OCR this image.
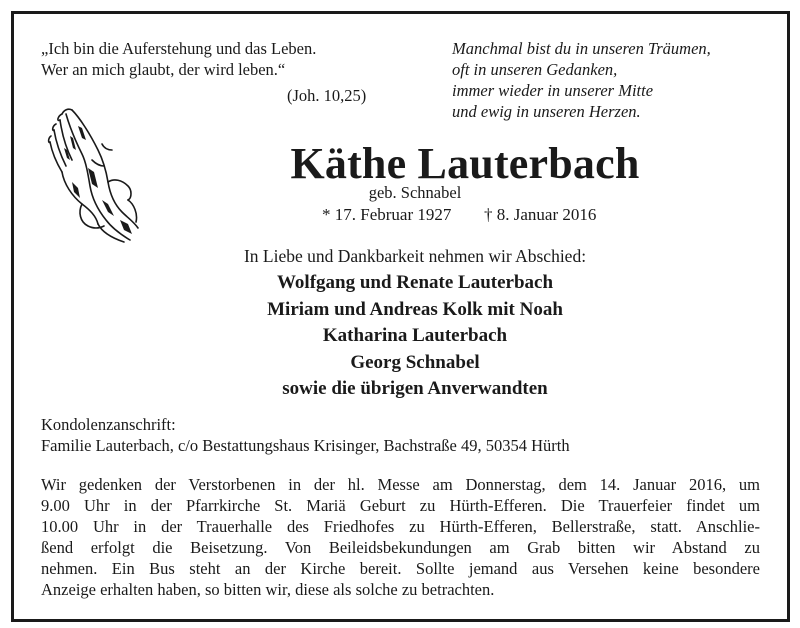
„Ich bin die Auferstehung und das Leben.
Wer an mich glaubt, der wird leben.“
(Joh. 10,25)
Manchmal bist du in unseren Träumen,
oft in unseren Gedanken,
immer wieder in unserer Mitte
und ewig in unseren Herzen.
Käthe Lauterbach
geb. Schnabel
* 17. Februar 1927 † 8. Januar 2016
In Liebe und Dankbarkeit nehmen wir Abschied:
Wolfgang und Renate Lauterbach
Miriam und Andreas Kolk mit Noah
Katharina Lauterbach
Georg Schnabel
sowie die übrigen Anverwandten
Kondolenzanschrift:
Familie Lauterbach, c/o Bestattungshaus Krisinger, Bachstraße 49, 50354 Hürth
Wir gedenken der Verstorbenen in der hl. Messe am Donnerstag, dem 14. Januar 2016, um
9.00 Uhr in der Pfarrkirche St. Mariä Geburt zu Hürth-Efferen. Die Trauerfeier findet um
10.00 Uhr in der Trauerhalle des Friedhofes zu Hürth-Efferen, Bellerstraße, statt. Anschlie-
ßend erfolgt die Beisetzung. Von Beileidsbekundungen am Grab bitten wir Abstand zu
nehmen. Ein Bus steht an der Kirche bereit. Sollte jemand aus Versehen keine besondere
Anzeige erhalten haben, so bitten wir, diese als solche zu betrachten.
